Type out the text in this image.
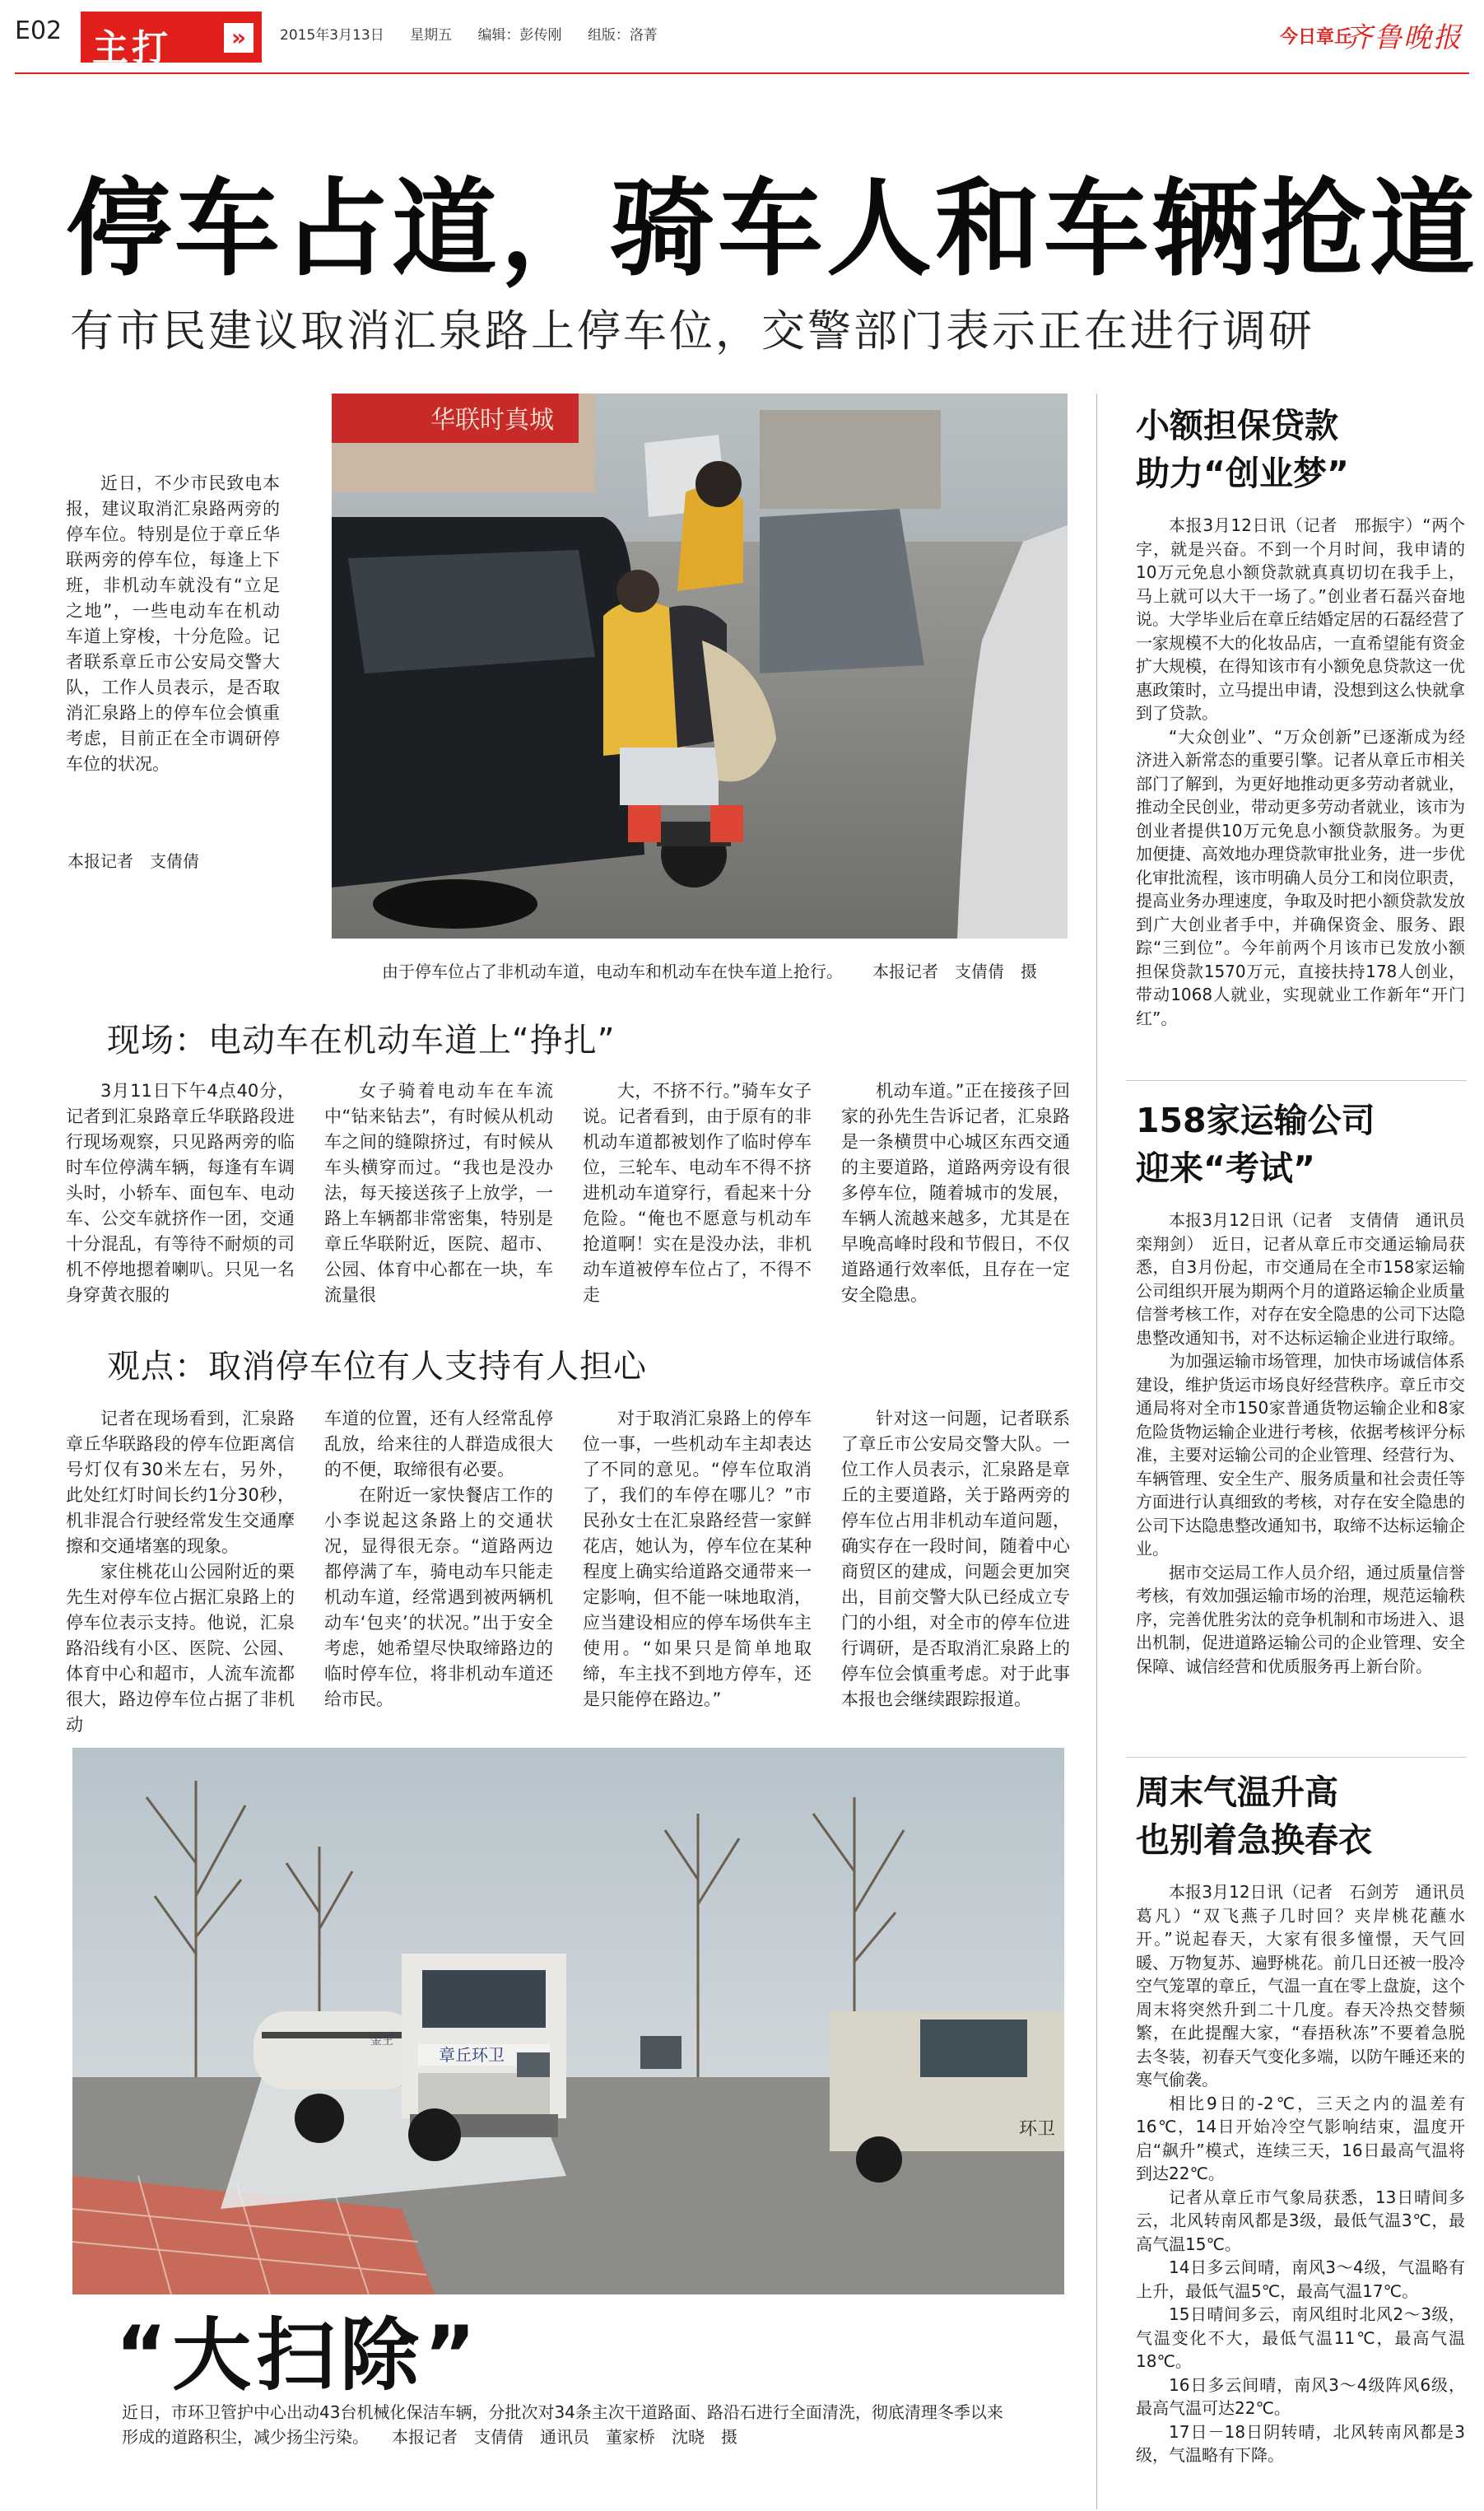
E02 主打	»	2015年3月13日 星期五 编辑：彭传刚 组版：洛菁	今日章丘
齐鲁晚报
停车占道，骑车人和车辆抢道
有市民建议取消汇泉路上停车位，交警部门表示正在进行调研

近日，不少市民致电本报，建议取消汇泉路两旁的停车位。特别是位于章丘华联两旁的停车位，每逢上下班，非机动车就没有“立足之地”，一些电动车在机动车道上穿梭，十分危险。记者联系章丘市公安局交警大队，工作人员表示，是否取消汇泉路上的停车位会慎重考虑，目前正在全市调研停车位的状况。

本报记者　支倩倩
华联时真城
由于停车位占了非机动车道，电动车和机动车在快车道上抢行。 本报记者　支倩倩　摄
现场：电动车在机动车道上“挣扎”

3月11日下午4点40分，记者到汇泉路章丘华联路段进行现场观察，只见路两旁的临时车位停满车辆，每逢有车调头时，小轿车、面包车、电动车、公交车就挤作一团，交通十分混乱，有等待不耐烦的司机不停地摁着喇叭。只见一名身穿黄衣服的

女子骑着电动车在车流中“钻来钻去”，有时候从机动车之间的缝隙挤过，有时候从车头横穿而过。“我也是没办法，每天接送孩子上放学，一路上车辆都非常密集，特别是章丘华联附近，医院、超市、公园、体育中心都在一块，车流量很

大，不挤不行。”骑车女子说。记者看到，由于原有的非机动车道都被划作了临时停车位，三轮车、电动车不得不挤进机动车道穿行，看起来十分危险。“俺也不愿意与机动车抢道啊！实在是没办法，非机动车道被停车位占了，不得不走

机动车道。”正在接孩子回家的孙先生告诉记者，汇泉路是一条横贯中心城区东西交通的主要道路，道路两旁设有很多停车位，随着城市的发展，车辆人流越来越多，尤其是在早晚高峰时段和节假日，不仅道路通行效率低，且存在一定安全隐患。

观点：取消停车位有人支持有人担心

记者在现场看到，汇泉路章丘华联路段的停车位距离信号灯仅有30米左右，另外，此处红灯时间长约1分30秒，机非混合行驶经常发生交通摩擦和交通堵塞的现象。

家住桃花山公园附近的栗先生对停车位占据汇泉路上的停车位表示支持。他说，汇泉路沿线有小区、医院、公园、体育中心和超市，人流车流都很大，路边停车位占据了非机动

车道的位置，还有人经常乱停乱放，给来往的人群造成很大的不便，取缔很有必要。

在附近一家快餐店工作的小李说起这条路上的交通状况，显得很无奈。“道路两边都停满了车，骑电动车只能走机动车道，经常遇到被两辆机动车‘包夹’的状况。”出于安全考虑，她希望尽快取缔路边的临时停车位，将非机动车道还给市民。

对于取消汇泉路上的停车位一事，一些机动车主却表达了不同的意见。“停车位取消了，我们的车停在哪儿？”市民孙女士在汇泉路经营一家鲜花店，她认为，停车位在某种程度上确实给道路交通带来一定影响，但不能一味地取消，应当建设相应的停车场供车主使用。“如果只是简单地取缔，车主找不到地方停车，还是只能停在路边。”

针对这一问题，记者联系了章丘市公安局交警大队。一位工作人员表示，汇泉路是章丘的主要道路，关于路两旁的停车位占用非机动车道问题，确实存在一段时间，随着中心商贸区的建成，问题会更加突出，目前交警大队已经成立专门的小组，对全市的停车位进行调研，是否取消汇泉路上的停车位会慎重考虑。对于此事本报也会继续跟踪报道。

小额担保贷款
助力“创业梦”

本报3月12日讯（记者　邢振宇）“两个字，就是兴奋。不到一个月时间，我申请的10万元免息小额贷款就真真切切在我手上，马上就可以大干一场了。”创业者石磊兴奋地说。大学毕业后在章丘结婚定居的石磊经营了一家规模不大的化妆品店，一直希望能有资金扩大规模，在得知该市有小额免息贷款这一优惠政策时，立马提出申请，没想到这么快就拿到了贷款。

“大众创业”、“万众创新”已逐渐成为经济进入新常态的重要引擎。记者从章丘市相关部门了解到，为更好地推动更多劳动者就业，推动全民创业，带动更多劳动者就业，该市为创业者提供10万元免息小额贷款服务。为更加便捷、高效地办理贷款审批业务，进一步优化审批流程，该市明确人员分工和岗位职责，提高业务办理速度，争取及时把小额贷款发放到广大创业者手中，并确保资金、服务、跟踪“三到位”。今年前两个月该市已发放小额担保贷款1570万元，直接扶持178人创业，带动1068人就业，实现就业工作新年“开门红”。

158家运输公司
迎来“考试”

本报3月12日讯（记者　支倩倩　通讯员　栾翔剑）　近日，记者从章丘市交通运输局获悉，自3月份起，市交通局在全市158家运输公司组织开展为期两个月的道路运输企业质量信誉考核工作，对存在安全隐患的公司下达隐患整改通知书，对不达标运输企业进行取缔。

为加强运输市场管理，加快市场诚信体系建设，维护货运市场良好经营秩序。章丘市交通局将对全市150家普通货物运输企业和8家危险货物运输企业进行考核，依据考核评分标准，主要对运输公司的企业管理、经营行为、车辆管理、安全生产、服务质量和社会责任等方面进行认真细致的考核，对存在安全隐患的公司下达隐患整改通知书，取缔不达标运输企业。

据市交运局工作人员介绍，通过质量信誉考核，有效加强运输市场的治理，规范运输秩序，完善优胜劣汰的竞争机制和市场进入、退出机制，促进道路运输公司的企业管理、安全保障、诚信经营和优质服务再上新台阶。

周末气温升高
也别着急换春衣

本报3月12日讯（记者　石剑芳　通讯员　葛凡）“双飞燕子几时回？夹岸桃花蘸水开。”说起春天，大家有很多憧憬，天气回暖、万物复苏、遍野桃花。前几日还被一股冷空气笼罩的章丘，气温一直在零上盘旋，这个周末将突然升到二十几度。春天冷热交替频繁，在此提醒大家，“春捂秋冻”不要着急脱去冬装，初春天气变化多端，以防午睡还来的寒气偷袭。

相比9日的-2℃，三天之内的温差有16℃，14日开始冷空气影响结束，温度开启“飙升”模式，连续三天，16日最高气温将到达22℃。

记者从章丘市气象局获悉，13日晴间多云，北风转南风都是3级，最低气温3℃，最高气温15℃。

14日多云间晴，南风3～4级，气温略有上升，最低气温5℃，最高气温17℃。

15日晴间多云，南风组时北风2～3级，气温变化不大，最低气温11℃，最高气温18℃。

16日多云间晴，南风3～4级阵风6级，最高气温可达22℃。

17日－18日阴转晴，北风转南风都是3级，气温略有下降。

章丘环卫
金王
环卫
“大扫除”
近日，市环卫管护中心出动43台机械化保洁车辆，分批次对34条主次干道路面、路沿石进行全面清洗，彻底清理冬季以来形成的道路积尘，减少扬尘污染。 本报记者　支倩倩　通讯员　董家桥　沈晓　摄
